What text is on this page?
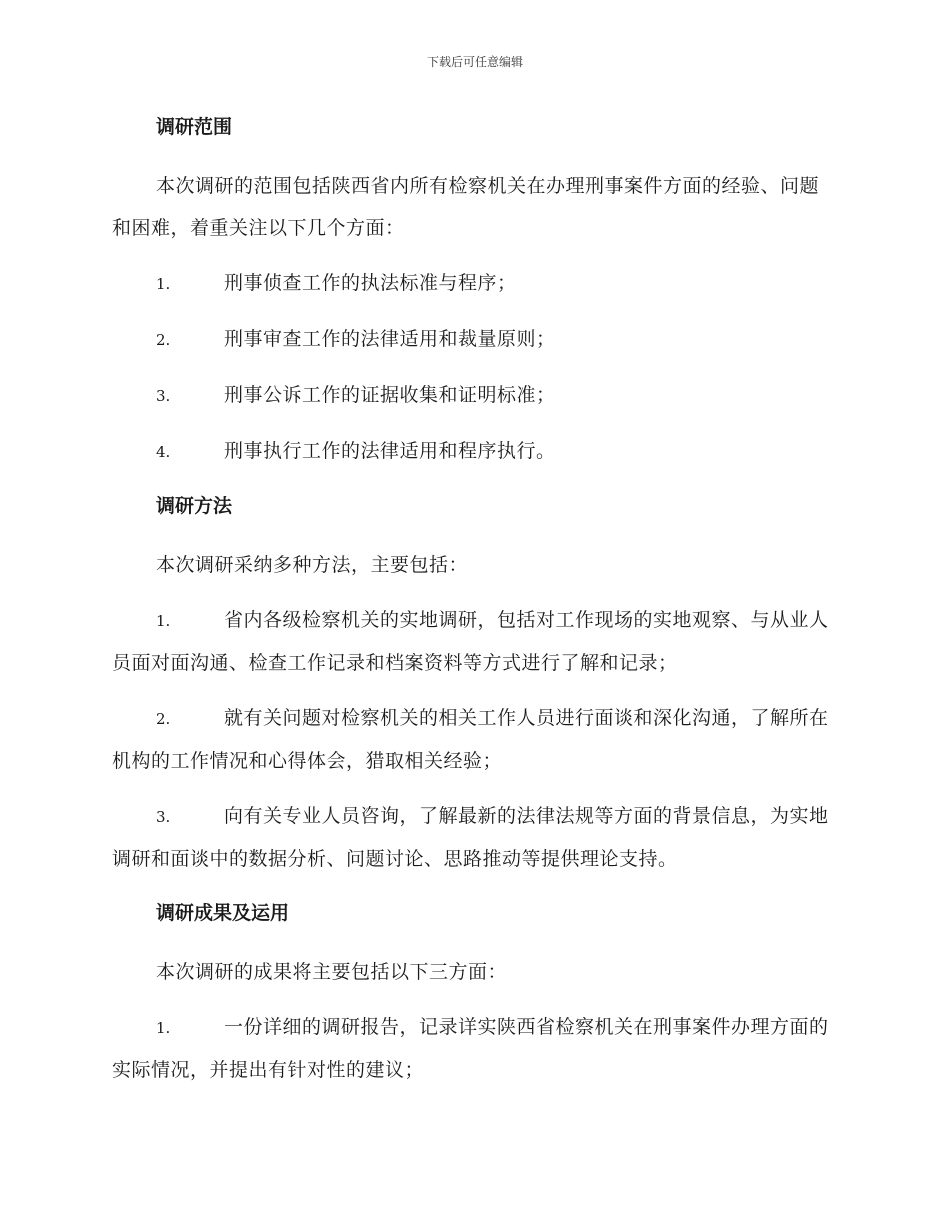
下载后可任意编辑
调研范围

本次调研的范围包括陕西省内所有检察机关在办理刑事案件方面的经验、问题和困难，着重关注以下几个方面：

1.	刑事侦查工作的执法标准与程序；
2.	刑事审查工作的法律适用和裁量原则；
3.	刑事公诉工作的证据收集和证明标准；
4.	刑事执行工作的法律适用和程序执行。
调研方法

本次调研采纳多种方法，主要包括：

1.	省内各级检察机关的实地调研，包括对工作现场的实地观察、与从业人员面对面沟通、检查工作记录和档案资料等方式进行了解和记录；
2.	就有关问题对检察机关的相关工作人员进行面谈和深化沟通，了解所在机构的工作情况和心得体会，猎取相关经验；
3.	向有关专业人员咨询，了解最新的法律法规等方面的背景信息，为实地调研和面谈中的数据分析、问题讨论、思路推动等提供理论支持。
调研成果及运用

本次调研的成果将主要包括以下三方面：

1.	一份详细的调研报告，记录详实陕西省检察机关在刑事案件办理方面的实际情况，并提出有针对性的建议；
